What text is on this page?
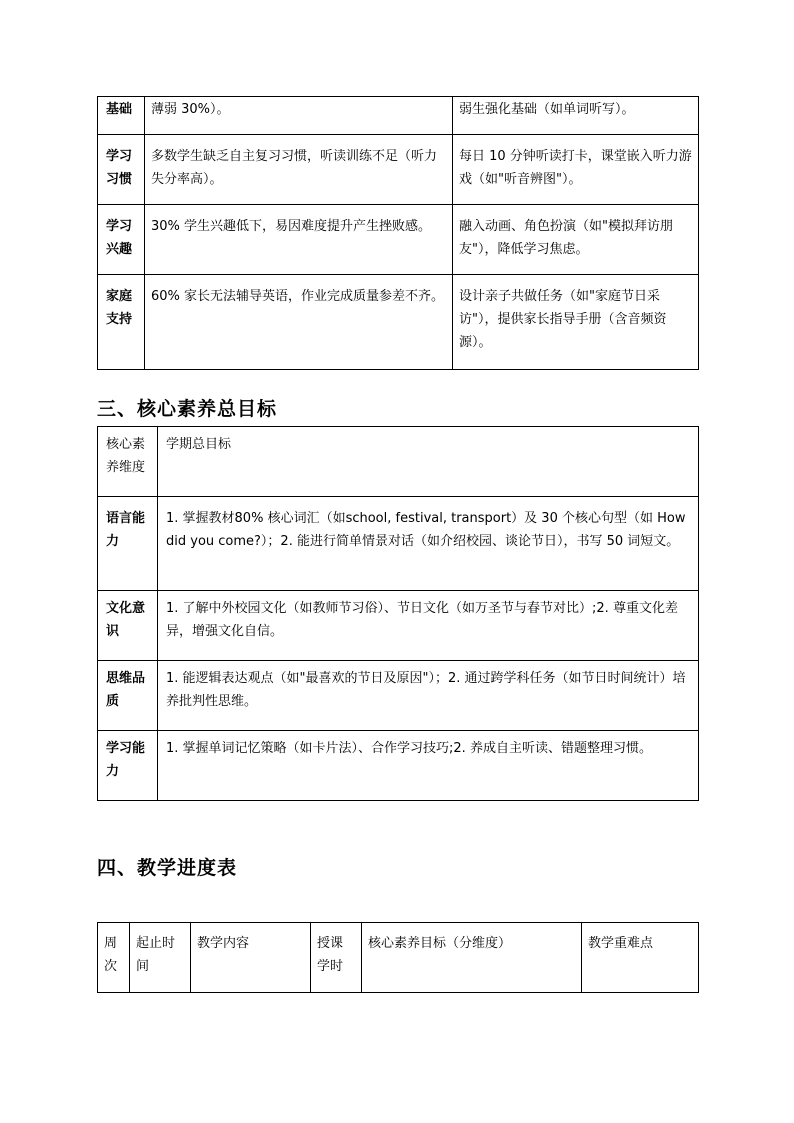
基础	薄弱 30%）。	弱生强化基础（如单词听写）。
学习习惯	多数学生缺乏自主复习习惯，听读训练不足（听力失分率高）。	每日 10 分钟听读打卡，课堂嵌入听力游戏（如"听音辨图"）。
学习兴趣	30% 学生兴趣低下，易因难度提升产生挫败感。	融入动画、角色扮演（如"模拟拜访朋友"），降低学习焦虑。
家庭支持	60% 家长无法辅导英语，作业完成质量参差不齐。	设计亲子共做任务（如"家庭节日采访"），提供家长指导手册（含音频资源）。
三、核心素养总目标
核心素养维度	学期总目标
语言能力	1. 掌握教材80% 核心词汇（如school, festival, transport）及 30 个核心句型（如 How did you come?）；2. 能进行简单情景对话（如介绍校园、谈论节日），书写 50 词短文。
文化意识	1. 了解中外校园文化（如教师节习俗）、节日文化（如万圣节与春节对比）;2. 尊重文化差异，增强文化自信。
思维品质	1. 能逻辑表达观点（如"最喜欢的节日及原因"）；2. 通过跨学科任务（如节日时间统计）培养批判性思维。
学习能力	1. 掌握单词记忆策略（如卡片法）、合作学习技巧;2. 养成自主听读、错题整理习惯。
四、教学进度表
周次	起止时间	教学内容	授课学时	核心素养目标（分维度）	教学重难点
